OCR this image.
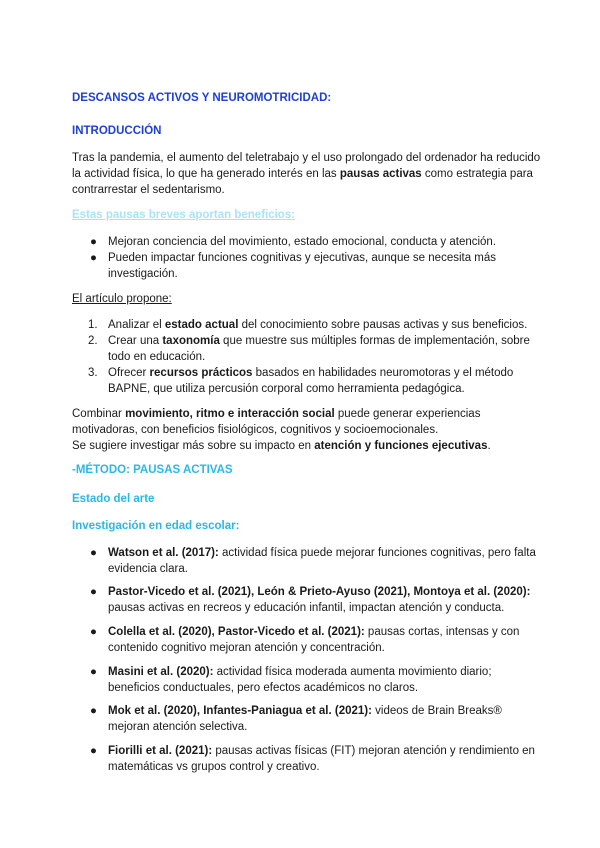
DESCANSOS ACTIVOS Y NEUROMOTRICIDAD:
INTRODUCCIÓN
Tras la pandemia, el aumento del teletrabajo y el uso prolongado del ordenador ha reducido
la actividad física, lo que ha generado interés en las pausas activas como estrategia para
contrarrestar el sedentarismo.
Estas pausas breves aportan beneficios:
● Mejoran conciencia del movimiento, estado emocional, conducta y atención.
● Pueden impactar funciones cognitivas y ejecutivas, aunque se necesita más
investigación.
El artículo propone:
1. Analizar el estado actual del conocimiento sobre pausas activas y sus beneficios.
2. Crear una taxonomía que muestre sus múltiples formas de implementación, sobre
todo en educación.
3. Ofrecer recursos prácticos basados en habilidades neuromotoras y el método
BAPNE, que utiliza percusión corporal como herramienta pedagógica.
Combinar movimiento, ritmo e interacción social puede generar experiencias
motivadoras, con beneficios fisiológicos, cognitivos y socioemocionales.
Se sugiere investigar más sobre su impacto en atención y funciones ejecutivas.
-MÉTODO: PAUSAS ACTIVAS
Estado del arte
Investigación en edad escolar:
● Watson et al. (2017): actividad física puede mejorar funciones cognitivas, pero falta
evidencia clara.
● Pastor-Vicedo et al. (2021), León & Prieto-Ayuso (2021), Montoya et al. (2020):
pausas activas en recreos y educación infantil, impactan atención y conducta.
● Colella et al. (2020), Pastor-Vicedo et al. (2021): pausas cortas, intensas y con
contenido cognitivo mejoran atención y concentración.
● Masini et al. (2020): actividad física moderada aumenta movimiento diario;
beneficios conductuales, pero efectos académicos no claros.
● Mok et al. (2020), Infantes-Paniagua et al. (2021): videos de Brain Breaks®
mejoran atención selectiva.
● Fiorilli et al. (2021): pausas activas físicas (FIT) mejoran atención y rendimiento en
matemáticas vs grupos control y creativo.
